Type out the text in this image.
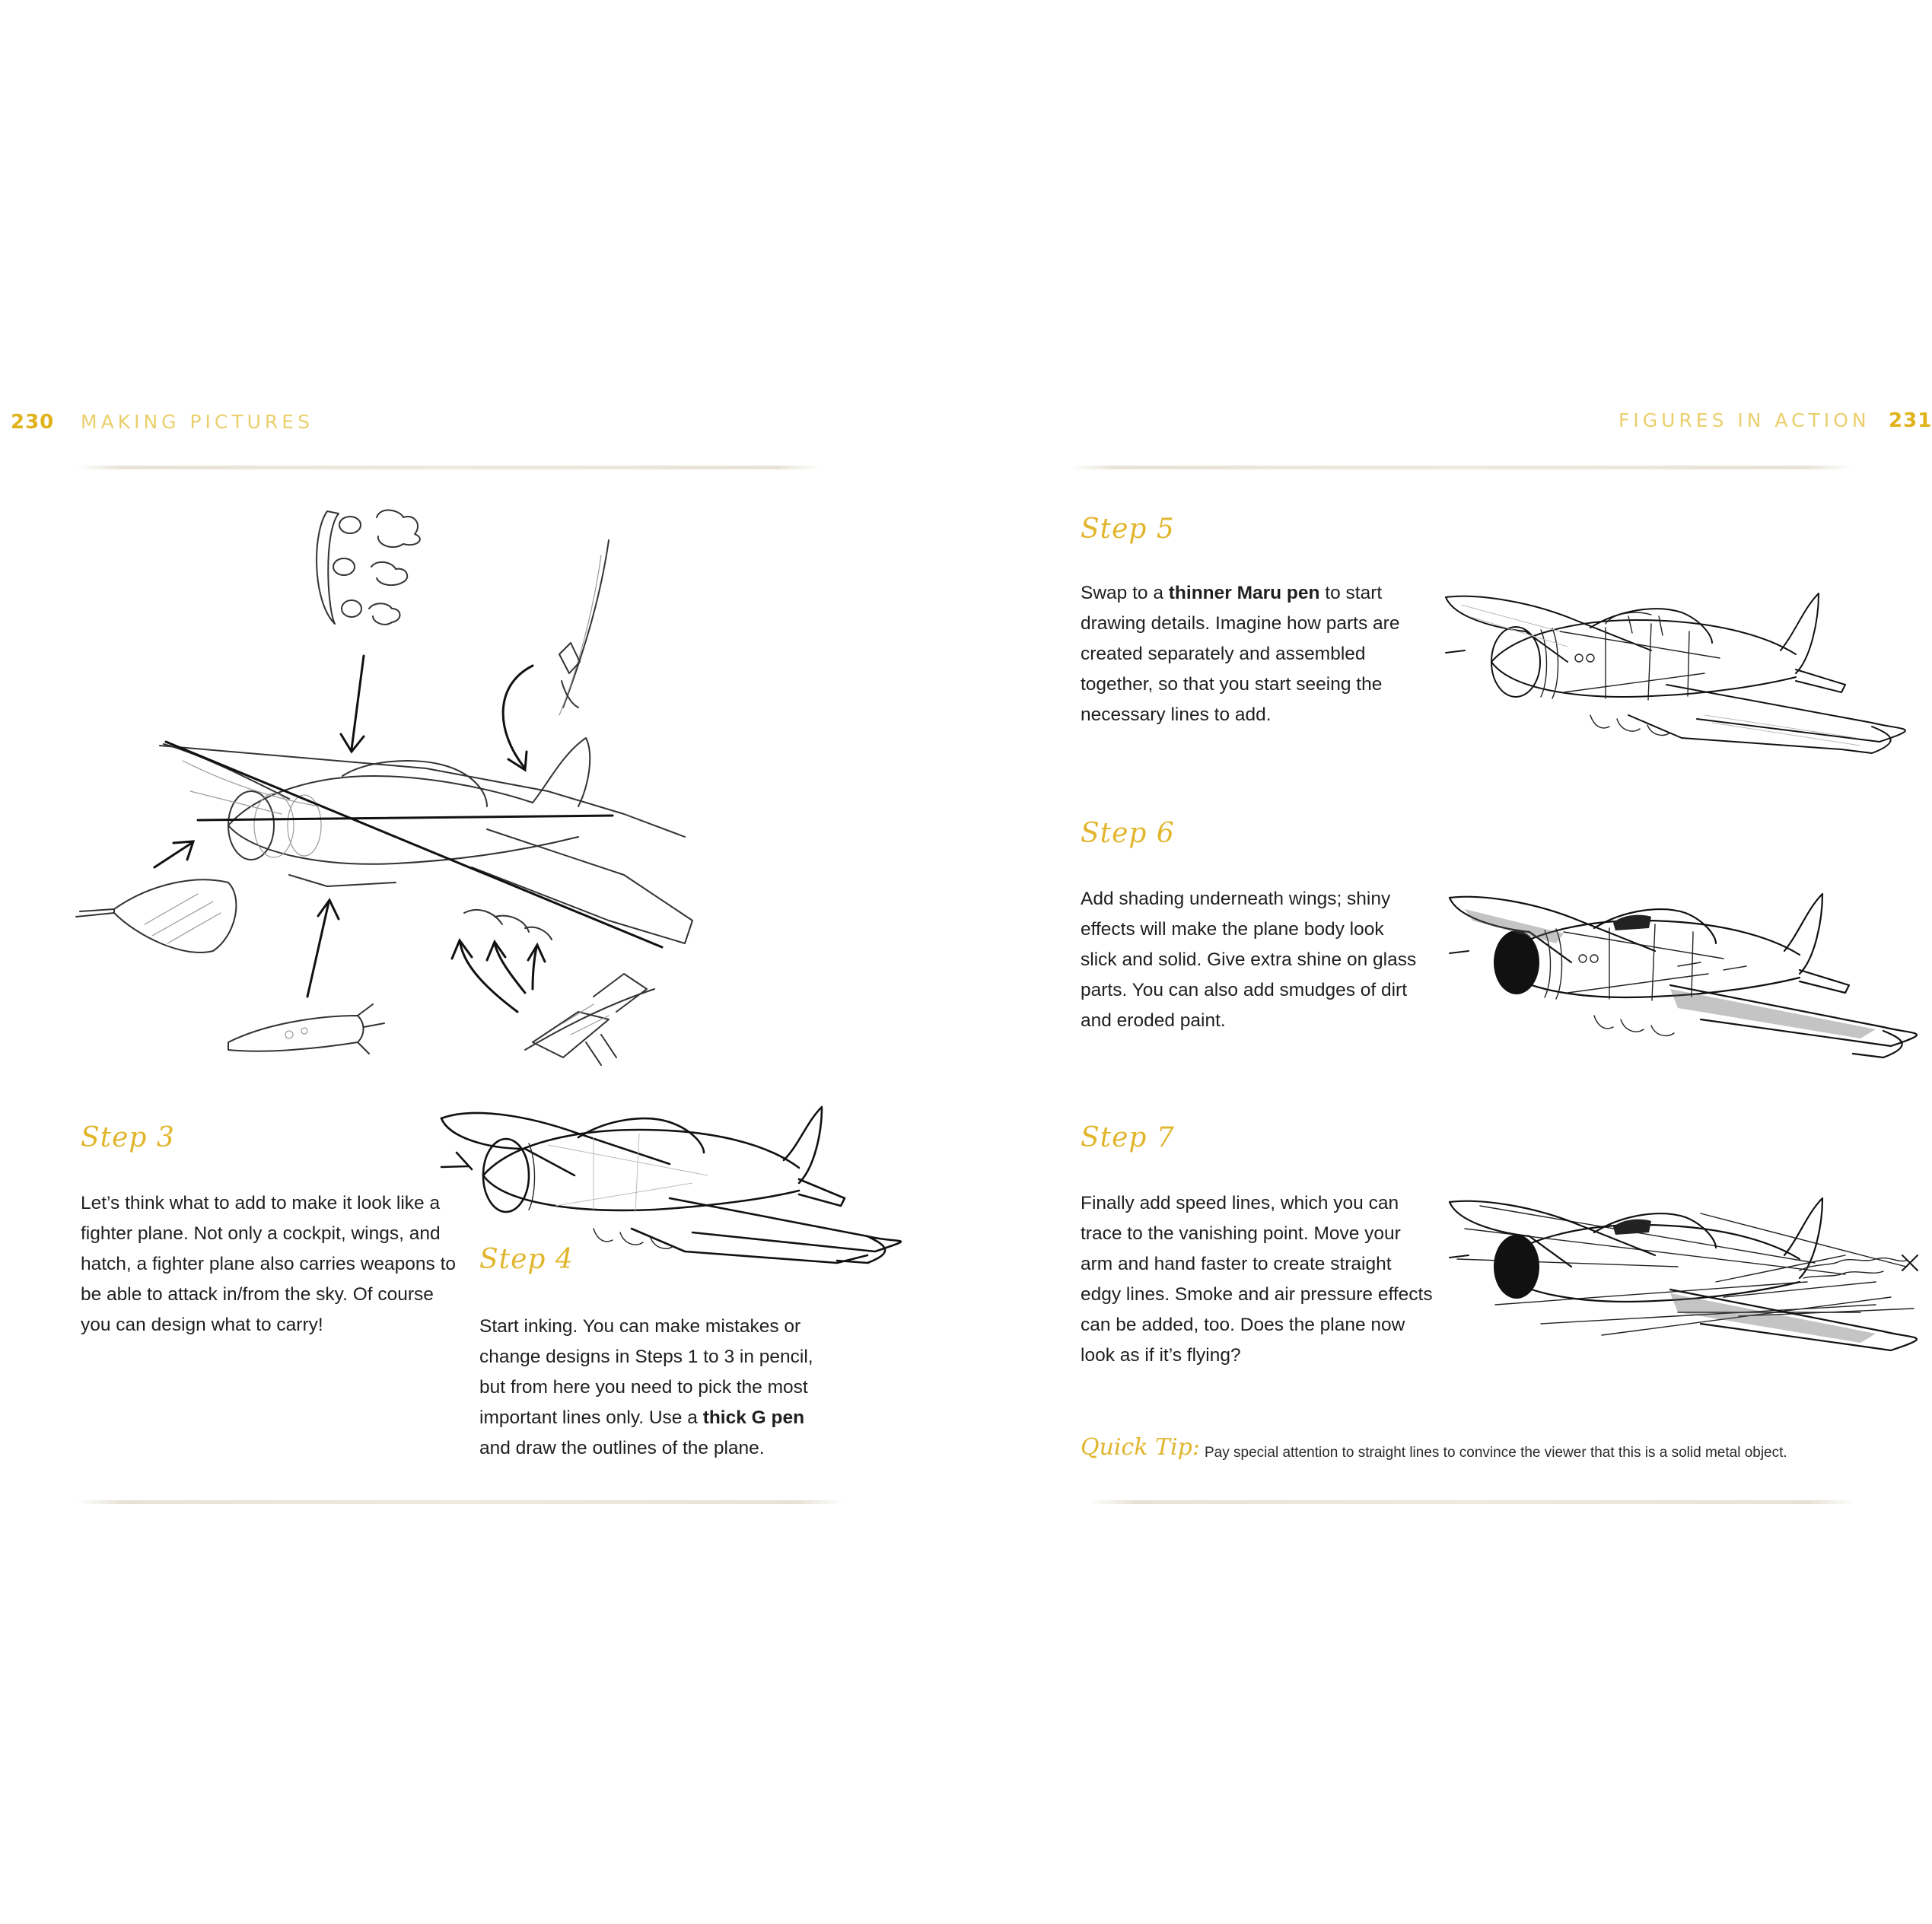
230 MAKING PICTURES	FIGURES IN ACTION 231
Step 3
Let’s think what to add to make it look like a
fighter plane. Not only a cockpit, wings, and
hatch, a fighter plane also carries weapons to
be able to attack in/from the sky. Of course
you can design what to carry!
Step 4
Start inking. You can make mistakes or
change designs in Steps 1 to 3 in pencil,
but from here you need to pick the most
important lines only. Use a thick G pen
and draw the outlines of the plane.
Step 5
Swap to a thinner Maru pen to start
drawing details. Imagine how parts are
created separately and assembled
together, so that you start seeing the
necessary lines to add.
Step 6
Add shading underneath wings; shiny
effects will make the plane body look
slick and solid. Give extra shine on glass
parts. You can also add smudges of dirt
and eroded paint.
Step 7
Finally add speed lines, which you can
trace to the vanishing point. Move your
arm and hand faster to create straight
edgy lines. Smoke and air pressure effects
can be added, too. Does the plane now
look as if it’s flying?
Quick Tip: Pay special attention to straight lines to convince the viewer that this is a solid metal object.
